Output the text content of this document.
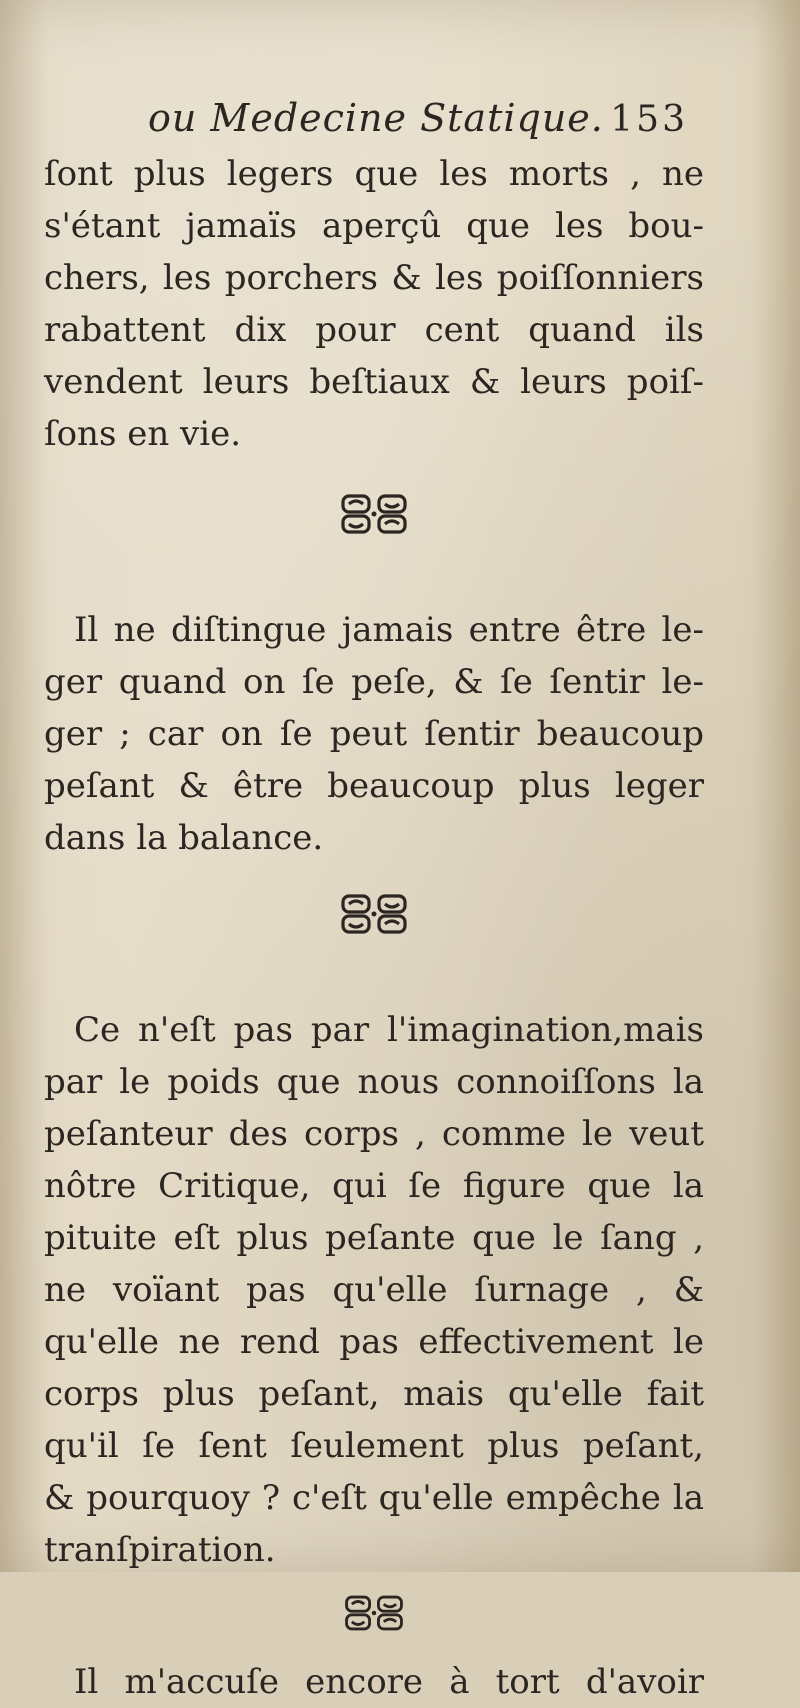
ou Medecine Statique. 153

ſont plus legers que les morts , ne
s'étant jamaïs aperçû que les bou-
chers, les porchers & les poiſſonniers
rabattent dix pour cent quand ils
vendent leurs beſtiaux & leurs poiſ-
ſons en vie.

Il ne diſtingue jamais entre être le-
ger quand on ſe peſe, & ſe ſentir le-
ger ; car on ſe peut ſentir beaucoup
peſant & être beaucoup plus leger
dans la balance.

Ce n'eſt pas par l'imagination,mais
par le poids que nous connoiſſons la
peſanteur des corps , comme le veut
nôtre Critique, qui ſe figure que la
pituite eſt plus peſante que le ſang ,
ne voïant pas qu'elle ſurnage , &
qu'elle ne rend pas effectivement le
corps plus peſant, mais qu'elle fait
qu'il ſe ſent ſeulement plus peſant,
& pourquoy ? c'eſt qu'elle empêche la
tranſpiration.

Il m'accuſe encore à tort d'avoir
